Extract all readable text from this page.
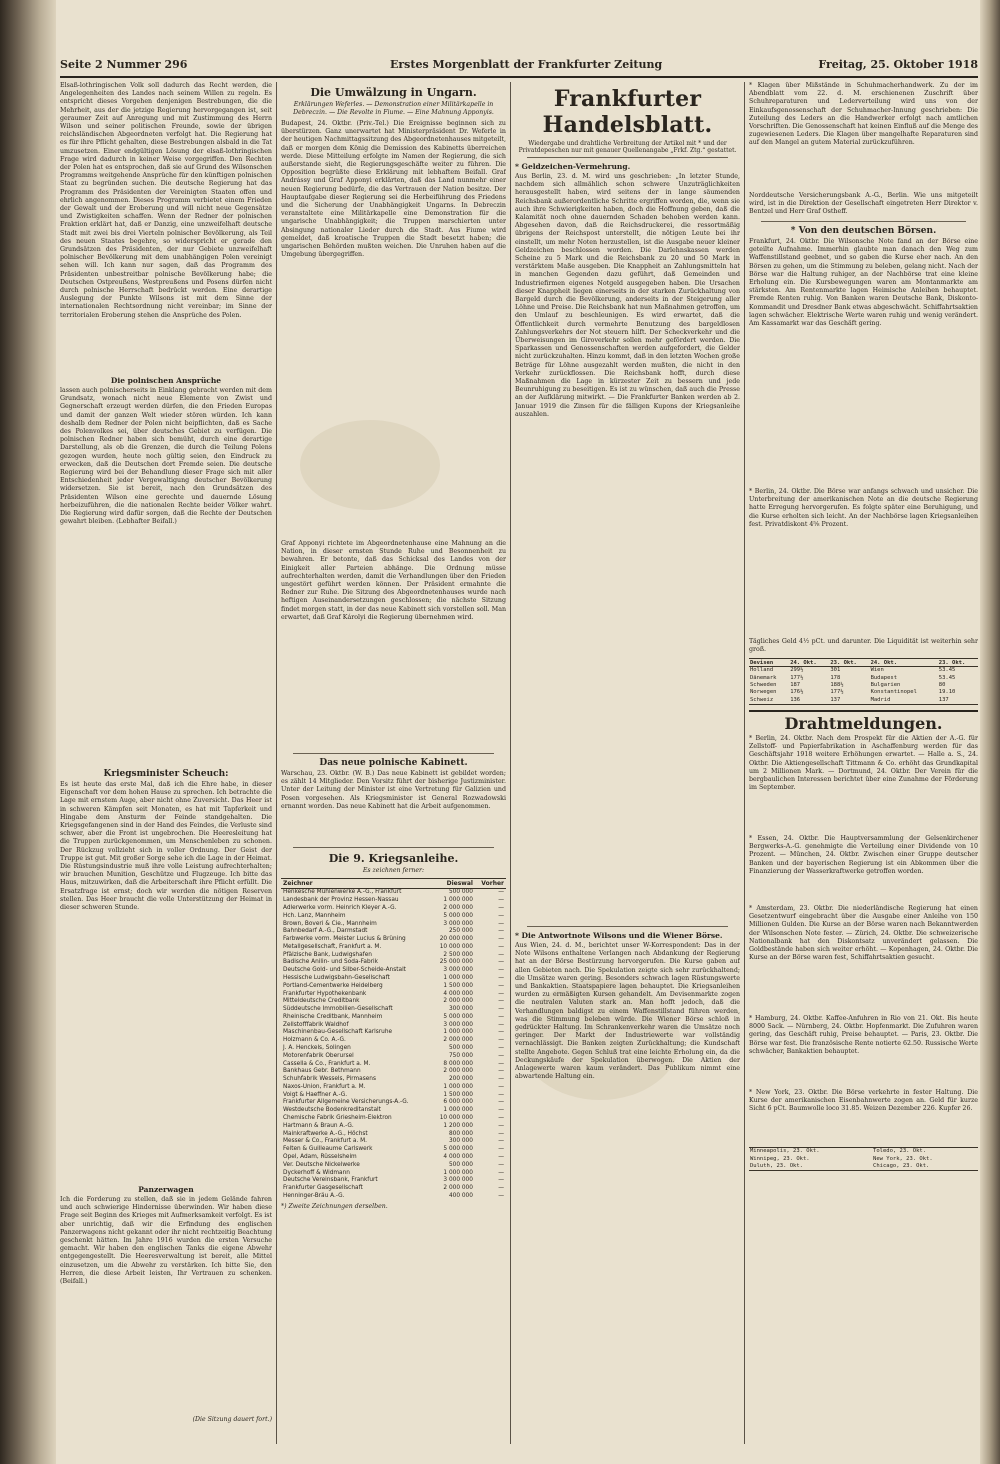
Seite 2 Nummer 296	Erstes Morgenblatt der Frankfurter Zeitung	Freitag, 25. Oktober 1918

Elsaß-lothringischen Volk soll dadurch das Recht werden, die Angelegenheiten des Landes nach seinem Willen zu regeln. Es entspricht dieses Vorgehen denjenigen Bestrebungen, die die Mehrheit, aus der die jetzige Regierung hervorgegangen ist, seit geraumer Zeit auf Anregung und mit Zustimmung des Herrn Wilson und seiner politischen Freunde, sowie der übrigen reichsländischen Abgeordneten verfolgt hat. Die Regierung hat es für ihre Pflicht gehalten, diese Bestrebungen alsbald in die Tat umzusetzen. Einer endgültigen Lösung der elsaß-lothringischen Frage wird dadurch in keiner Weise vorgegriffen. Den Rechten der Polen hat es entsprochen, daß sie auf Grund des Wilsonschen Programms weitgehende Ansprüche für den künftigen polnischen Staat zu begründen suchen. Die deutsche Regierung hat das Programm des Präsidenten der Vereinigten Staaten offen und ehrlich angenommen. Dieses Programm verbietet einem Frieden der Gewalt und der Eroberung und will nicht neue Gegensätze und Zwistigkeiten schaffen. Wenn der Redner der polnischen Fraktion erklärt hat, daß er Danzig, eine unzweifelhaft deutsche Stadt mit zwei bis drei Vierteln polnischer Bevölkerung, als Teil des neuen Staates begehre, so widerspricht er gerade den Grundsätzen des Präsidenten, der nur Gebiete unzweifelhaft polnischer Bevölkerung mit dem unabhängigen Polen vereinigt sehen will. Ich kann nur sagen, daß das Programm des Präsidenten unbestreitbar polnische Bevölkerung habe; die Deutschen Ostpreußens, Westpreußens und Posens dürfen nicht durch polnische Herrschaft bedrückt werden. Eine derartige Auslegung der Punkte Wilsons ist mit dem Sinne der internationalen Rechtsordnung nicht vereinbar; im Sinne der territorialen Eroberung stehen die Ansprüche des Polen.

Die polnischen Ansprüche

lassen auch polnischerseits in Einklang gebracht werden mit dem Grundsatz, wonach nicht neue Elemente von Zwist und Gegnerschaft erzeugt werden dürfen, die den Frieden Europas und damit der ganzen Welt wieder stören würden. Ich kann deshalb dem Redner der Polen nicht beipflichten, daß es Sache des Polenvolkes sei, über deutsches Gebiet zu verfügen. Die polnischen Redner haben sich bemüht, durch eine derartige Darstellung, als ob die Grenzen, die durch die Teilung Polens gezogen wurden, heute noch gültig seien, den Eindruck zu erwecken, daß die Deutschen dort Fremde seien. Die deutsche Regierung wird bei der Behandlung dieser Frage sich mit aller Entschiedenheit jeder Vergewaltigung deutscher Bevölkerung widersetzen. Sie ist bereit, nach den Grundsätzen des Präsidenten Wilson eine gerechte und dauernde Lösung herbeizuführen, die die nationalen Rechte beider Völker wahrt. Die Regierung wird dafür sorgen, daß die Rechte der Deutschen gewahrt bleiben. (Lebhafter Beifall.)

Kriegsminister Scheuch:

Es ist heute das erste Mal, daß ich die Ehre habe, in dieser Eigenschaft vor dem hohen Hause zu sprechen. Ich betrachte die Lage mit ernstem Auge, aber nicht ohne Zuversicht. Das Heer ist in schweren Kämpfen seit Monaten, es hat mit Tapferkeit und Hingabe dem Ansturm der Feinde standgehalten. Die Kriegsgefangenen sind in der Hand des Feindes, die Verluste sind schwer, aber die Front ist ungebrochen. Die Heeresleitung hat die Truppen zurückgenommen, um Menschenleben zu schonen. Der Rückzug vollzieht sich in voller Ordnung. Der Geist der Truppe ist gut. Mit großer Sorge sehe ich die Lage in der Heimat. Die Rüstungsindustrie muß ihre volle Leistung aufrechterhalten; wir brauchen Munition, Geschütze und Flugzeuge. Ich bitte das Haus, mitzuwirken, daß die Arbeiterschaft ihre Pflicht erfüllt. Die Ersatzfrage ist ernst; doch wir werden die nötigen Reserven stellen. Das Heer braucht die volle Unterstützung der Heimat in dieser schweren Stunde.

Panzerwagen

Ich die Forderung zu stellen, daß sie in jedem Gelände fahren und auch schwierige Hindernisse überwinden. Wir haben diese Frage seit Beginn des Krieges mit Aufmerksamkeit verfolgt. Es ist aber unrichtig, daß wir die Erfindung des englischen Panzerwagens nicht gekannt oder ihr nicht rechtzeitig Beachtung geschenkt hätten. Im Jahre 1916 wurden die ersten Versuche gemacht. Wir haben den englischen Tanks die eigene Abwehr entgegengestellt. Die Heeresverwaltung ist bereit, alle Mittel einzusetzen, um die Abwehr zu verstärken. Ich bitte Sie, den Herren, die diese Arbeit leisten, Ihr Vertrauen zu schenken. (Beifall.)

(Die Sitzung dauert fort.)
Die Umwälzung in Ungarn.
Erklärungen Weferles. — Demonstration einer Militärkapelle in Debreczin. — Die Revolte in Fiume. — Eine Mahnung Apponyis.

Budapest, 24. Oktbr. (Priv.-Tel.) Die Ereignisse beginnen sich zu überstürzen. Ganz unerwartet hat Ministerpräsident Dr. Weferle in der heutigen Nachmittagssitzung des Abgeordnetenhauses mitgeteilt, daß er morgen dem König die Demission des Kabinetts überreichen werde. Diese Mitteilung erfolgte im Namen der Regierung, die sich außerstande sieht, die Regierungsgeschäfte weiter zu führen. Die Opposition begrüßte diese Erklärung mit lebhaftem Beifall. Graf Andrássy und Graf Apponyi erklärten, daß das Land nunmehr einer neuen Regierung bedürfe, die das Vertrauen der Nation besitze. Der Hauptaufgabe dieser Regierung sei die Herbeiführung des Friedens und die Sicherung der Unabhängigkeit Ungarns. In Debreczin veranstaltete eine Militärkapelle eine Demonstration für die ungarische Unabhängigkeit; die Truppen marschierten unter Absingung nationaler Lieder durch die Stadt. Aus Fiume wird gemeldet, daß kroatische Truppen die Stadt besetzt haben; die ungarischen Behörden mußten weichen. Die Unruhen haben auf die Umgebung übergegriffen.

Graf Apponyi richtete im Abgeordnetenhause eine Mahnung an die Nation, in dieser ernsten Stunde Ruhe und Besonnenheit zu bewahren. Er betonte, daß das Schicksal des Landes von der Einigkeit aller Parteien abhänge. Die Ordnung müsse aufrechterhalten werden, damit die Verhandlungen über den Frieden ungestört geführt werden können. Der Präsident ermahnte die Redner zur Ruhe. Die Sitzung des Abgeordnetenhauses wurde nach heftigen Auseinandersetzungen geschlossen; die nächste Sitzung findet morgen statt, in der das neue Kabinett sich vorstellen soll. Man erwartet, daß Graf Károlyi die Regierung übernehmen wird.

Das neue polnische Kabinett.

Warschau, 23. Oktbr. (W. B.) Das neue Kabinett ist gebildet worden; es zählt 14 Mitglieder. Den Vorsitz führt der bisherige Justizminister. Unter der Leitung der Minister ist eine Vertretung für Galizien und Posen vorgesehen. Als Kriegsminister ist General Rozwadowski ernannt worden. Das neue Kabinett hat die Arbeit aufgenommen.

Die 9. Kriegsanleihe.
Es zeichnen ferner:
Zeichner	Dieswal	Vorher
Henkesche Mühlenwerke A.-G., Frankfurt	500 000	—
Landesbank der Provinz Hessen-Nassau	1 000 000	—
Adlerwerke vorm. Heinrich Kleyer A.-G.	2 000 000	—
Hch. Lanz, Mannheim	5 000 000	—
Brown, Boveri & Cie., Mannheim	3 000 000	—
Bahnbedarf A.-G., Darmstadt	250 000	—
Farbwerke vorm. Meister Lucius & Brüning	20 000 000	—
Metallgesellschaft, Frankfurt a. M.	10 000 000	—
Pfälzische Bank, Ludwigshafen	2 500 000	—
Badische Anilin- und Soda-Fabrik	25 000 000	—
Deutsche Gold- und Silber-Scheide-Anstalt	3 000 000	—
Hessische Ludwigsbahn-Gesellschaft	1 000 000	—
Portland-Cementwerke Heidelberg	1 500 000	—
Frankfurter Hypothekenbank	4 000 000	—
Mitteldeutsche Creditbank	2 000 000	—
Süddeutsche Immobilien-Gesellschaft	300 000	—
Rheinische Creditbank, Mannheim	5 000 000	—
Zellstofffabrik Waldhof	3 000 000	—
Maschinenbau-Gesellschaft Karlsruhe	1 000 000	—
Holzmann & Co. A.-G.	2 000 000	—
J. A. Henckels, Solingen	500 000	—
Motorenfabrik Oberursel	750 000	—
Cassella & Co., Frankfurt a. M.	8 000 000	—
Bankhaus Gebr. Bethmann	2 000 000	—
Schuhfabrik Wessels, Pirmasens	200 000	—
Naxos-Union, Frankfurt a. M.	1 000 000	—
Voigt & Haeffner A.-G.	1 500 000	—
Frankfurter Allgemeine Versicherungs-A.-G.	6 000 000	—
Westdeutsche Bodenkreditanstalt	1 000 000	—
Chemische Fabrik Griesheim-Elektron	10 000 000	—
Hartmann & Braun A.-G.	1 200 000	—
Mainkraftwerke A.-G., Höchst	800 000	—
Messer & Co., Frankfurt a. M.	300 000	—
Felten & Guilleaume Carlswerk	5 000 000	—
Opel, Adam, Rüsselsheim	4 000 000	—
Ver. Deutsche Nickelwerke	500 000	—
Dyckerhoff & Widmann	1 000 000	—
Deutsche Vereinsbank, Frankfurt	3 000 000	—
Frankfurter Gasgesellschaft	2 000 000	—
Henninger-Bräu A.-G.	400 000	—
*) Zweite Zeichnungen derselben.
Frankfurter Handelsblatt.
Wiedergabe und drahtliche Verbreitung der Artikel mit * und der Privatdepeschen nur mit genauer Quellenangabe „Frkf. Ztg.“ gestattet.
* Geldzeichen-Vermehrung.

Aus Berlin, 23. d. M. wird uns geschrieben: „In letzter Stunde, nachdem sich allmählich schon schwere Unzuträglichkeiten herausgestellt haben, wird seitens der in lange säumenden Reichsbank außerordentliche Schritte ergriffen worden, die, wenn sie auch ihre Schwierigkeiten haben, doch die Hoffnung geben, daß die Kalamität noch ohne dauernden Schaden behoben werden kann. Abgesehen davon, daß die Reichsdruckerei, die ressortmäßig übrigens der Reichspost unterstellt, die nötigen Leute bei ihr einstellt, um mehr Noten herzustellen, ist die Ausgabe neuer kleiner Geldzeichen beschlossen worden. Die Darlehnskassen werden Scheine zu 5 Mark und die Reichsbank zu 20 und 50 Mark in verstärktem Maße ausgeben. Die Knappheit an Zahlungsmitteln hat in manchen Gegenden dazu geführt, daß Gemeinden und Industriefirmen eigenes Notgeld ausgegeben haben. Die Ursachen dieser Knappheit liegen einerseits in der starken Zurückhaltung von Bargeld durch die Bevölkerung, anderseits in der Steigerung aller Löhne und Preise. Die Reichsbank hat nun Maßnahmen getroffen, um den Umlauf zu beschleunigen. Es wird erwartet, daß die Öffentlichkeit durch vermehrte Benutzung des bargeldlosen Zahlungsverkehrs der Not steuern hilft. Der Scheckverkehr und die Überweisungen im Giroverkehr sollen mehr gefördert werden. Die Sparkassen und Genossenschaften werden aufgefordert, die Gelder nicht zurückzuhalten. Hinzu kommt, daß in den letzten Wochen große Beträge für Löhne ausgezahlt werden mußten, die nicht in den Verkehr zurückflossen. Die Reichsbank hofft, durch diese Maßnahmen die Lage in kürzester Zeit zu bessern und jede Beunruhigung zu beseitigen. Es ist zu wünschen, daß auch die Presse an der Aufklärung mitwirkt. — Die Frankfurter Banken werden ab 2. Januar 1919 die Zinsen für die fälligen Kupons der Kriegsanleihe auszahlen.

* Die Antwortnote Wilsons und die Wiener Börse.

Aus Wien, 24. d. M., berichtet unser W-Korrespondent: Das in der Note Wilsons enthaltene Verlangen nach Abdankung der Regierung hat an der Börse Bestürzung hervorgerufen. Die Kurse gaben auf allen Gebieten nach. Die Spekulation zeigte sich sehr zurückhaltend; die Umsätze waren gering. Besonders schwach lagen Rüstungswerte und Bankaktien. Staatspapiere lagen behauptet. Die Kriegsanleihen wurden zu ermäßigten Kursen gehandelt. Am Devisenmarkte zogen die neutralen Valuten stark an. Man hofft jedoch, daß die Verhandlungen baldigst zu einem Waffenstillstand führen werden, was die Stimmung beleben würde. Die Wiener Börse schloß in gedrückter Haltung. Im Schrankenverkehr waren die Umsätze noch geringer. Der Markt der Industriewerte war vollständig vernachlässigt. Die Banken zeigten Zurückhaltung; die Kundschaft stellte Angebote. Gegen Schluß trat eine leichte Erholung ein, da die Deckungskäufe der Spekulation überwogen. Die Aktien der Anlagewerte waren kaum verändert. Das Publikum nimmt eine abwartende Haltung ein.

* Klagen über Mißstände in Schuhmacherhandwerk. Zu der im Abendblatt vom 22. d. M. erschienenen Zuschrift über Schuhreparaturen und Lederverteilung wird uns von der Einkaufsgenossenschaft der Schuhmacher-Innung geschrieben: Die Zuteilung des Leders an die Handwerker erfolgt nach amtlichen Vorschriften. Die Genossenschaft hat keinen Einfluß auf die Menge des zugewiesenen Leders. Die Klagen über mangelhafte Reparaturen sind auf den Mangel an gutem Material zurückzuführen.

Norddeutsche Versicherungsbank A.-G., Berlin. Wie uns mitgeteilt wird, ist in die Direktion der Gesellschaft eingetreten Herr Direktor v. Bentzel und Herr Graf Ostheff.

* Von den deutschen Börsen.

Frankfurt, 24. Oktbr. Die Wilsonsche Note fand an der Börse eine geteilte Aufnahme. Immerhin glaubte man danach den Weg zum Waffenstillstand geebnet, und so gaben die Kurse eher nach. An den Börsen zu gehen, um die Stimmung zu beleben, gelang nicht. Nach der Börse war die Haltung ruhiger, an der Nachbörse trat eine kleine Erholung ein. Die Kursbewegungen waren am Montanmarkte am stärksten. Am Rentenmarkte lagen Heimische Anleihen behauptet. Fremde Renten ruhig. Von Banken waren Deutsche Bank, Diskonto-Kommandit und Dresdner Bank etwas abgeschwächt. Schiffahrtsaktien lagen schwächer. Elektrische Werte waren ruhig und wenig verändert. Am Kassamarkt war das Geschäft gering.

* Berlin, 24. Oktbr. Die Börse war anfangs schwach und unsicher. Die Unterbreitung der amerikanischen Note an die deutsche Regierung hatte Erregung hervorgerufen. Es folgte später eine Beruhigung, und die Kurse erholten sich leicht. An der Nachbörse lagen Kriegsanleihen fest. Privatdiskont 4⅝ Prozent.

Tägliches Geld 4½ pCt. und darunter. Die Liquidität ist weiterhin sehr groß.

Devisen	24. Okt.	23. Okt.	24. Okt.	23. Okt.
Holland	299½	301	Wien	53.45
Dänemark	177½	178	Budapest	53.45
Schweden	187	188½	Bulgarien	80
Norwegen	176½	177½	Konstantinopel	19.10
Schweiz	136	137	Madrid	137
Drahtmeldungen.

* Berlin, 24. Oktbr. Nach dem Prospekt für die Aktien der A.-G. für Zellstoff- und Papierfabrikation in Aschaffenburg werden für das Geschäftsjahr 1918 weitere Erhöhungen erwartet. — Halle a. S., 24. Oktbr. Die Aktiengesellschaft Tittmann & Co. erhöht das Grundkapital um 2 Millionen Mark. — Dortmund, 24. Oktbr. Der Verein für die bergbaulichen Interessen berichtet über eine Zunahme der Förderung im September.

* Essen, 24. Oktbr. Die Hauptversammlung der Gelsenkirchener Bergwerks-A.-G. genehmigte die Verteilung einer Dividende von 10 Prozent. — München, 24. Oktbr. Zwischen einer Gruppe deutscher Banken und der bayerischen Regierung ist ein Abkommen über die Finanzierung der Wasserkraftwerke getroffen worden.

* Amsterdam, 23. Oktbr. Die niederländische Regierung hat einen Gesetzentwurf eingebracht über die Ausgabe einer Anleihe von 150 Millionen Gulden. Die Kurse an der Börse waren nach Bekanntwerden der Wilsonschen Note fester. — Zürich, 24. Oktbr. Die schweizerische Nationalbank hat den Diskontsatz unverändert gelassen. Die Goldbestände haben sich weiter erhöht. — Kopenhagen, 24. Oktbr. Die Kurse an der Börse waren fest, Schiffahrtsaktien gesucht.

* Hamburg, 24. Oktbr. Kaffee-Anfuhren in Rio von 21. Okt. Bis heute 8000 Sack. — Nürnberg, 24. Oktbr. Hopfenmarkt. Die Zufuhren waren gering, das Geschäft ruhig, Preise behauptet. — Paris, 23. Oktbr. Die Börse war fest. Die französische Rente notierte 62.50. Russische Werte schwächer, Bankaktien behauptet.

* New York, 23. Oktbr. Die Börse verkehrte in fester Haltung. Die Kurse der amerikanischen Eisenbahnwerte zogen an. Geld für kurze Sicht 6 pCt. Baumwolle loco 31.85. Weizen Dezember 226. Kupfer 26.

Minneapolis, 23. Okt.	Toledo, 23. Okt.
Winnipeg, 23. Okt.	New York, 23. Okt.
Duluth, 23. Okt.	Chicago, 23. Okt.
